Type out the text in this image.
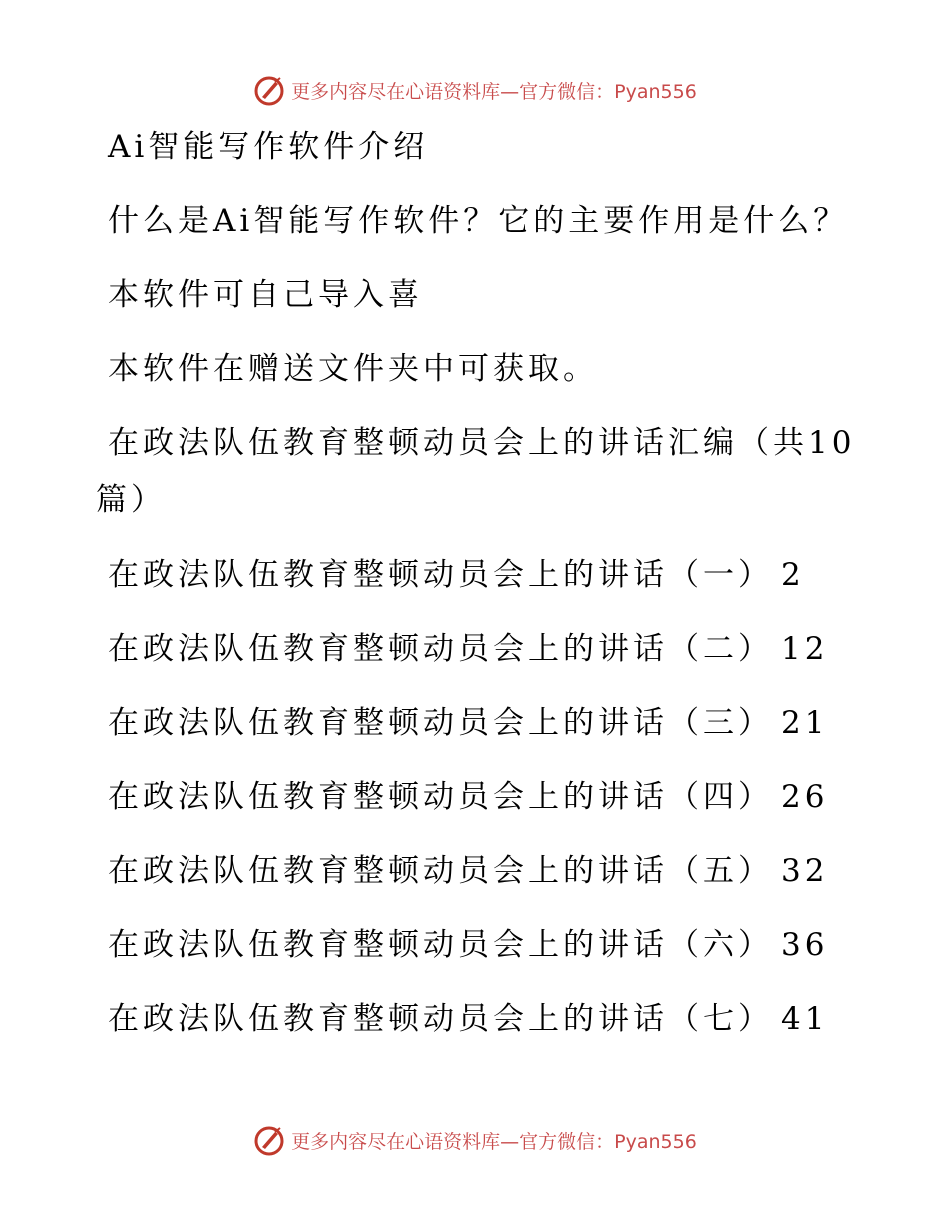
更多内容尽在心语资料库—官方微信：Pyan556
Ai智能写作软件介绍
什么是Ai智能写作软件？它的主要作用是什么？
本软件可自己导入喜
本软件在赠送文件夹中可获取。
在政法队伍教育整顿动员会上的讲话汇编（共10
篇）
在政法队伍教育整顿动员会上的讲话（一） 2
在政法队伍教育整顿动员会上的讲话（二） 12
在政法队伍教育整顿动员会上的讲话（三） 21
在政法队伍教育整顿动员会上的讲话（四） 26
在政法队伍教育整顿动员会上的讲话（五） 32
在政法队伍教育整顿动员会上的讲话（六） 36
在政法队伍教育整顿动员会上的讲话（七） 41
更多内容尽在心语资料库—官方微信：Pyan556
